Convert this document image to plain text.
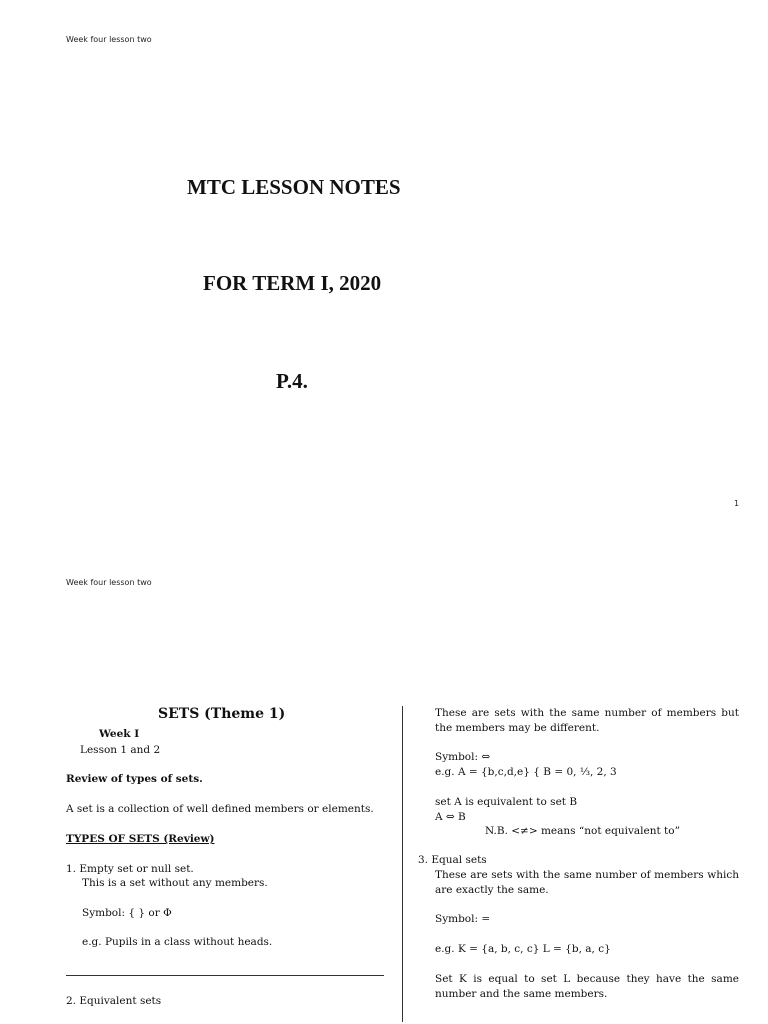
Week four lesson two
MTC LESSON NOTES
FOR TERM I, 2020
P.4.
1
Week four lesson two
SETS (Theme 1)
Week I
Lesson 1 and 2
Review of types of sets.
A set is a collection of well defined members or elements.
TYPES OF SETS (Review)
1. Empty set or null set.
This is a set without any members.
Symbol: { } or Φ
e.g. Pupils in a class without heads.
2. Equivalent sets
These are sets with the same number of members but the members may be different.
Symbol: ⇔
e.g. A = {b,c,d,e} { B = 0, ⅓, 2, 3
set A is equivalent to set B
A ⇔ B
N.B. <≠> means “not equivalent to”
3. Equal sets
These are sets with the same number of members which are exactly the same.
Symbol: =
e.g. K = {a, b, c, c} L = {b, a, c}
Set K is equal to set L because they have the same number and the same members.
